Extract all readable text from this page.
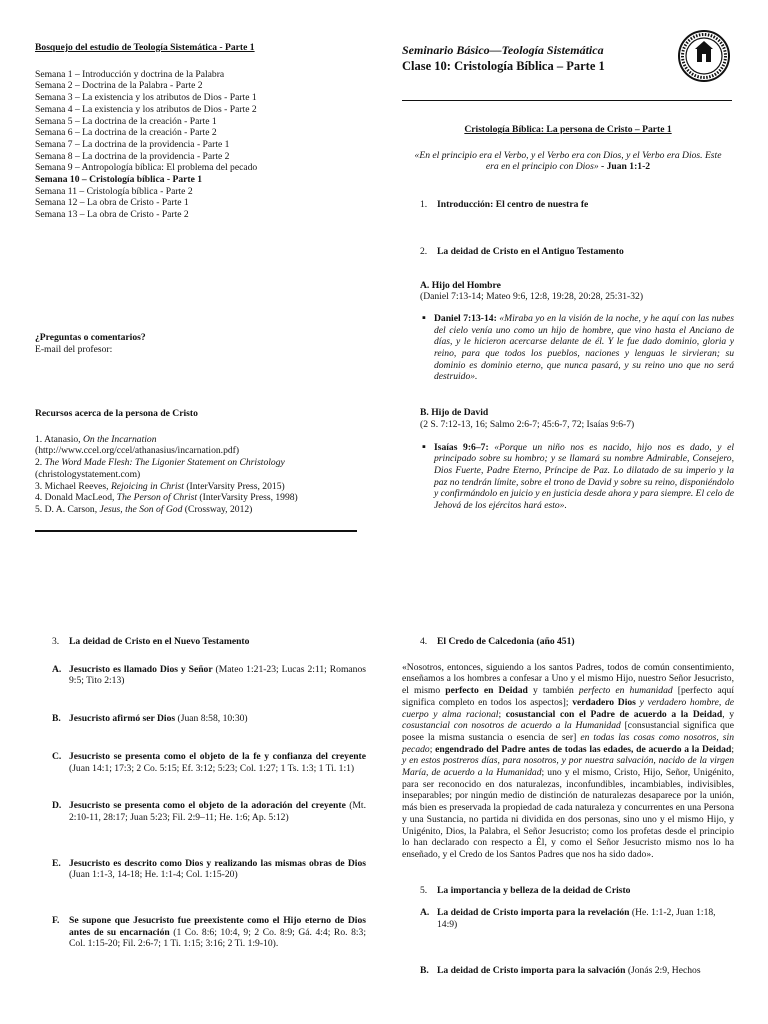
Bosquejo del estudio de Teología Sistemática - Parte 1
Semana 1 – Introducción y doctrina de la Palabra
Semana 2 – Doctrina de la Palabra - Parte 2
Semana 3 – La existencia y los atributos de Dios - Parte 1
Semana 4 – La existencia y los atributos de Dios - Parte 2
Semana 5 – La doctrina de la creación - Parte 1
Semana 6 – La doctrina de la creación - Parte 2
Semana 7 – La doctrina de la providencia - Parte 1
Semana 8 – La doctrina de la providencia - Parte 2
Semana 9 – Antropología bíblica: El problema del pecado
Semana 10 – Cristología bíblica - Parte 1
Semana 11 – Cristología bíblica - Parte 2
Semana 12 – La obra de Cristo - Parte 1
Semana 13 – La obra de Cristo - Parte 2
¿Preguntas o comentarios?
E-mail del profesor:
Recursos acerca de la persona de Cristo
1. Atanasio, On the Incarnation
(http://www.ccel.org/ccel/athanasius/incarnation.pdf)
2. The Word Made Flesh: The Ligonier Statement on Christology
(christologystatement.com)
3. Michael Reeves, Rejoicing in Christ (InterVarsity Press, 2015)
4. Donald MacLeod, The Person of Christ (InterVarsity Press, 1998)
5. D. A. Carson, Jesus, the Son of God (Crossway, 2012)
Seminario Básico—Teología Sistemática
Clase 10: Cristología Bíblica – Parte 1
Cristología Bíblica: La persona de Cristo – Parte 1
«En el principio era el Verbo, y el Verbo era con Dios, y el Verbo era Dios. Este era en el principio con Dios» - Juan 1:1-2
1. Introducción: El centro de nuestra fe
2. La deidad de Cristo en el Antiguo Testamento
A. Hijo del Hombre
(Daniel 7:13-14; Mateo 9:6, 12:8, 19:28, 20:28, 25:31-32)
▪ Daniel 7:13-14: «Miraba yo en la visión de la noche, y he aquí con las nubes del cielo venía uno como un hijo de hombre, que vino hasta el Anciano de días, y le hicieron acercarse delante de él. Y le fue dado dominio, gloria y reino, para que todos los pueblos, naciones y lenguas le sirvieran; su dominio es dominio eterno, que nunca pasará, y su reino uno que no será destruido».
B. Hijo de David
(2 S. 7:12-13, 16; Salmo 2:6-7; 45:6-7, 72; Isaías 9:6-7)
▪ Isaías 9:6–7: «Porque un niño nos es nacido, hijo nos es dado, y el principado sobre su hombro; y se llamará su nombre Admirable, Consejero, Dios Fuerte, Padre Eterno, Príncipe de Paz. Lo dilatado de su imperio y la paz no tendrán límite, sobre el trono de David y sobre su reino, disponiéndolo y confirmándolo en juicio y en justicia desde ahora y para siempre. El celo de Jehová de los ejércitos hará esto».
3. La deidad de Cristo en el Nuevo Testamento
A. Jesucristo es llamado Dios y Señor (Mateo 1:21-23; Lucas 2:11; Romanos 9:5; Tito 2:13)
B. Jesucristo afirmó ser Dios (Juan 8:58, 10:30)
C. Jesucristo se presenta como el objeto de la fe y confianza del creyente (Juan 14:1; 17:3; 2 Co. 5:15; Ef. 3:12; 5:23; Col. 1:27; 1 Ts. 1:3; 1 Ti. 1:1)
D. Jesucristo se presenta como el objeto de la adoración del creyente (Mt. 2:10-11, 28:17; Juan 5:23; Fil. 2:9–11; He. 1:6; Ap. 5:12)
E. Jesucristo es descrito como Dios y realizando las mismas obras de Dios (Juan 1:1-3, 14-18; He. 1:1-4; Col. 1:15-20)
F. Se supone que Jesucristo fue preexistente como el Hijo eterno de Dios antes de su encarnación (1 Co. 8:6; 10:4, 9; 2 Co. 8:9; Gá. 4:4; Ro. 8:3; Col. 1:15-20; Fil. 2:6-7; 1 Ti. 1:15; 3:16; 2 Ti. 1:9-10).
4. El Credo de Calcedonia (año 451)
«Nosotros, entonces, siguiendo a los santos Padres, todos de común consentimiento, enseñamos a los hombres a confesar a Uno y el mismo Hijo, nuestro Señor Jesucristo, el mismo perfecto en Deidad y también perfecto en humanidad [perfecto aquí significa completo en todos los aspectos]; verdadero Dios y verdadero hombre, de cuerpo y alma racional; cosustancial con el Padre de acuerdo a la Deidad, y cosustancial con nosotros de acuerdo a la Humanidad [consustancial significa que posee la misma sustancia o esencia de ser] en todas las cosas como nosotros, sin pecado; engendrado del Padre antes de todas las edades, de acuerdo a la Deidad; y en estos postreros días, para nosotros, y por nuestra salvación, nacido de la virgen María, de acuerdo a la Humanidad; uno y el mismo, Cristo, Hijo, Señor, Unigénito, para ser reconocido en dos naturalezas, inconfundibles, incambiables, indivisibles, inseparables; por ningún medio de distinción de naturalezas desaparece por la unión, más bien es preservada la propiedad de cada naturaleza y concurrentes en una Persona y una Sustancia, no partida ni dividida en dos personas, sino uno y el mismo Hijo, y Unigénito, Dios, la Palabra, el Señor Jesucristo; como los profetas desde el principio lo han declarado con respecto a Él, y como el Señor Jesucristo mismo nos lo ha enseñado, y el Credo de los Santos Padres que nos ha sido dado».
5. La importancia y belleza de la deidad de Cristo
A. La deidad de Cristo importa para la revelación (He. 1:1-2, Juan 1:18, 14:9)
B. La deidad de Cristo importa para la salvación (Jonás 2:9, Hechos
